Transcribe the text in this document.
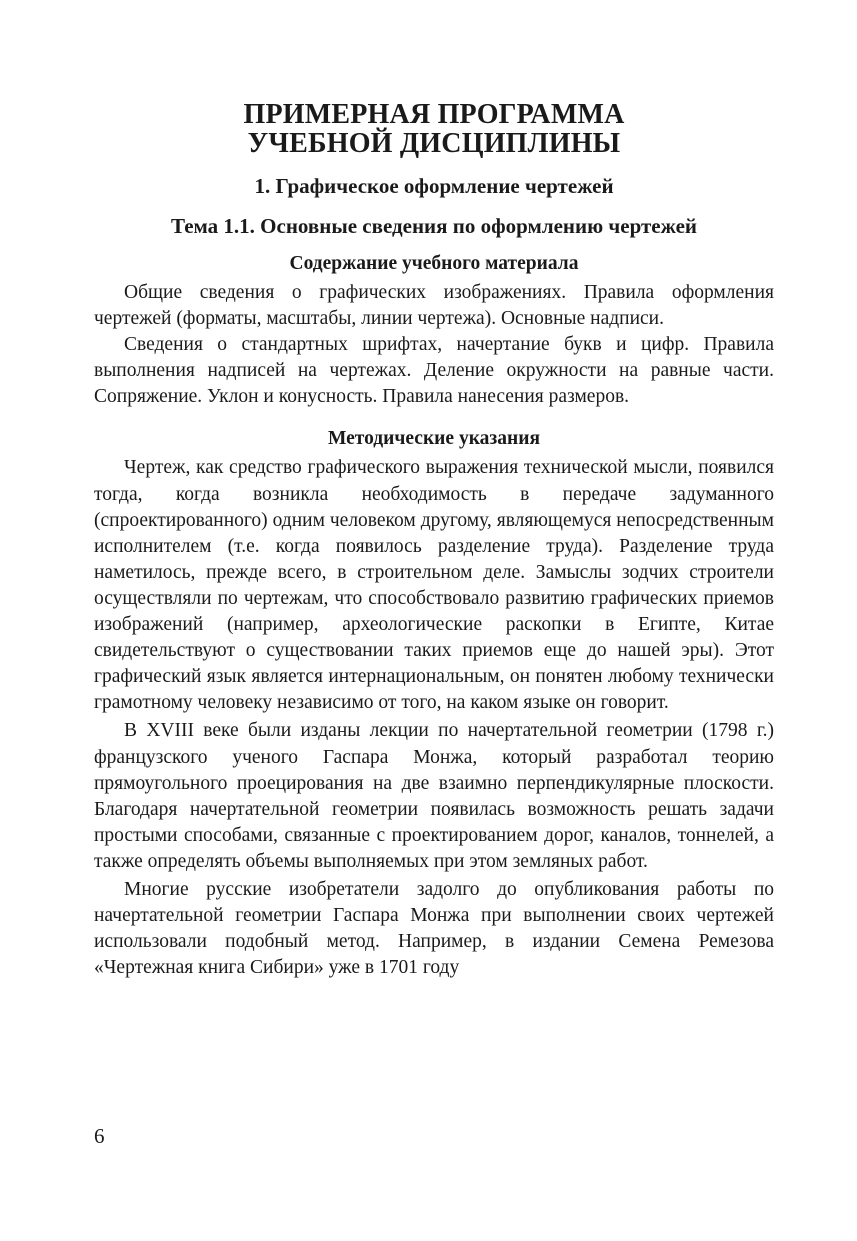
ПРИМЕРНАЯ ПРОГРАММА
УЧЕБНОЙ ДИСЦИПЛИНЫ
1. Графическое оформление чертежей
Тема 1.1. Основные сведения по оформлению чертежей
Содержание учебного материала

Общие сведения о графических изображениях. Правила оформления чертежей (форматы, масштабы, линии чертежа). Основные надписи.

Сведения о стандартных шрифтах, начертание букв и цифр. Правила выполнения надписей на чертежах. Деление окружности на равные части. Сопряжение. Уклон и конусность. Правила нанесения размеров.

Методические указания

Чертеж, как средство графического выражения технической мысли, появился тогда, когда возникла необходимость в передаче задуманного (спроектированного) одним человеком другому, являющемуся непосредственным исполнителем (т.е. когда появилось разделение труда). Разделение труда наметилось, прежде всего, в строительном деле. Замыслы зодчих строители осуществляли по чертежам, что способствовало развитию графических приемов изображений (например, археологические раскопки в Египте, Китае свидетельствуют о существовании таких приемов еще до нашей эры). Этот графический язык является интернациональным, он понятен любому технически грамотному человеку независимо от того, на каком языке он говорит.

В XVIII веке были изданы лекции по начертательной геометрии (1798 г.) французского ученого Гаспара Монжа, который разработал теорию прямоугольного проецирования на две взаимно перпендикулярные плоскости. Благодаря начертательной геометрии появилась возможность решать задачи простыми способами, связанные с проектированием дорог, каналов, тоннелей, а также определять объемы выполняемых при этом земляных работ.

Многие русские изобретатели задолго до опубликования работы по начертательной геометрии Гаспара Монжа при выполнении своих чертежей использовали подобный метод. Например, в издании Семена Ремезова «Чертежная книга Сибири» уже в 1701 году

6
